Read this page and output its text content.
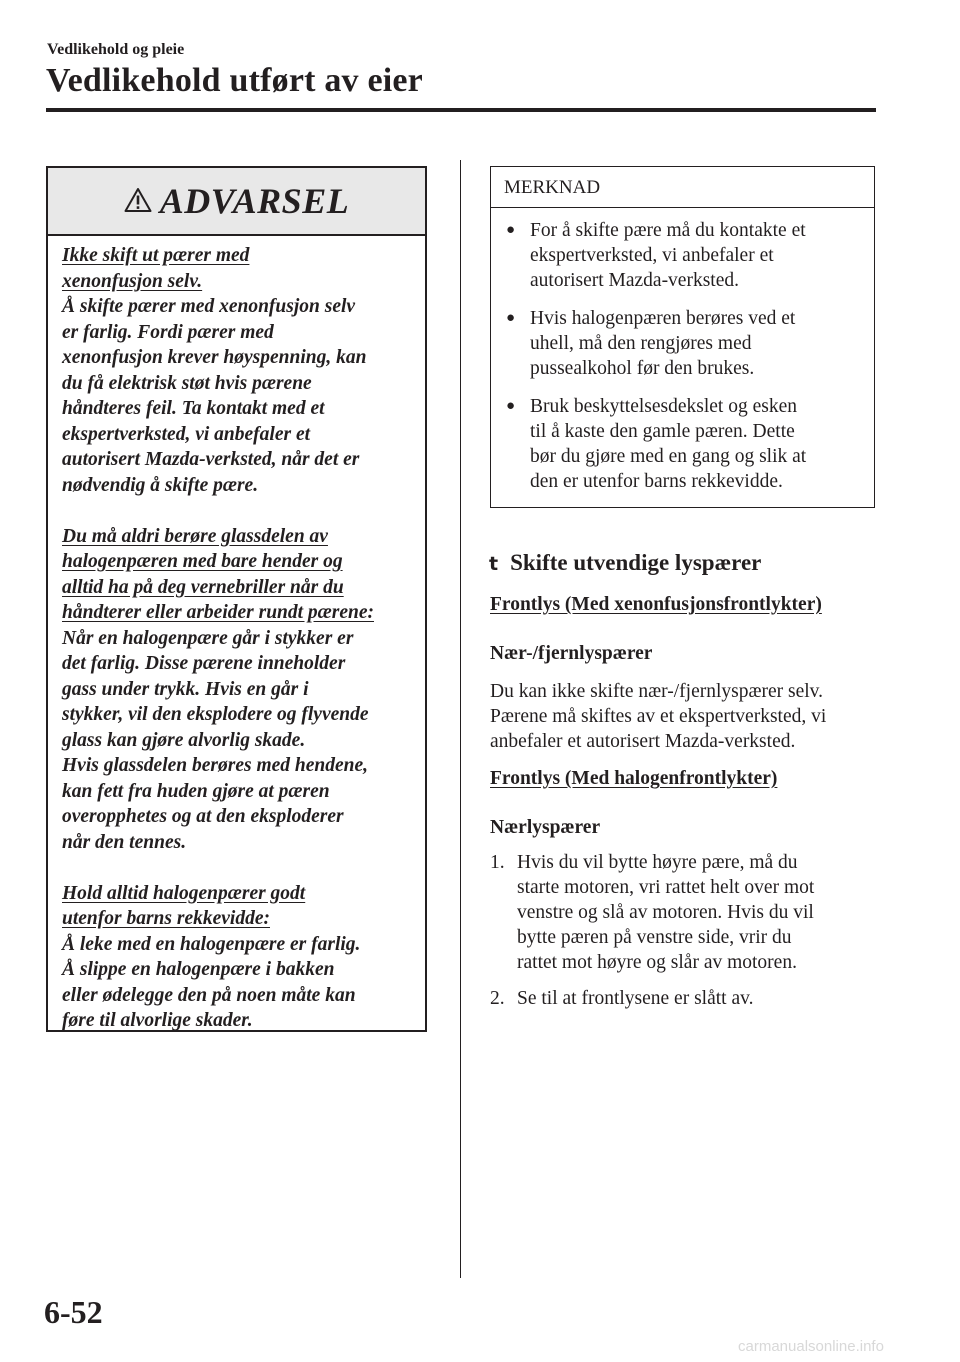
Vedlikehold og pleie
Vedlikehold utført av eier
ADVARSEL
Ikke skift ut pærer med
xenonfusjon selv.
Å skifte pærer med xenonfusjon selv
er farlig. Fordi pærer med
xenonfusjon krever høyspenning, kan
du få elektrisk støt hvis pærene
håndteres feil. Ta kontakt med et
ekspertverksted, vi anbefaler et
autorisert Mazda-verksted, når det er
nødvendig å skifte pære.
Du må aldri berøre glassdelen av
halogenpæren med bare hender og
alltid ha på deg vernebriller når du
håndterer eller arbeider rundt pærene:
Når en halogenpære går i stykker er
det farlig. Disse pærene inneholder
gass under trykk. Hvis en går i
stykker, vil den eksplodere og flyvende
glass kan gjøre alvorlig skade.
Hvis glassdelen berøres med hendene,
kan fett fra huden gjøre at pæren
overopphetes og at den eksploderer
når den tennes.
Hold alltid halogenpærer godt
utenfor barns rekkevidde:
Å leke med en halogenpære er farlig.
Å slippe en halogenpære i bakken
eller ødelegge den på noen måte kan
føre til alvorlige skader.
MERKNAD
● For å skifte pære må du kontakte et
ekspertverksted, vi anbefaler et
autorisert Mazda-verksted.
● Hvis halogenpæren berøres ved et
uhell, må den rengjøres med
pussealkohol før den brukes.
● Bruk beskyttelsesdekslet og esken
til å kaste den gamle pæren. Dette
bør du gjøre med en gang og slik at
den er utenfor barns rekkevidde.
t Skifte utvendige lyspærer
Frontlys (Med xenonfusjonsfrontlykter)
Nær-/fjernlyspærer
Du kan ikke skifte nær-/fjernlyspærer selv.
Pærene må skiftes av et ekspertverksted, vi
anbefaler et autorisert Mazda-verksted.
Frontlys (Med halogenfrontlykter)
Nærlyspærer
1. Hvis du vil bytte høyre pære, må du
starte motoren, vri rattet helt over mot
venstre og slå av motoren. Hvis du vil
bytte pæren på venstre side, vrir du
rattet mot høyre og slår av motoren.
2. Se til at frontlysene er slått av.
6-52
carmanualsonline.info
